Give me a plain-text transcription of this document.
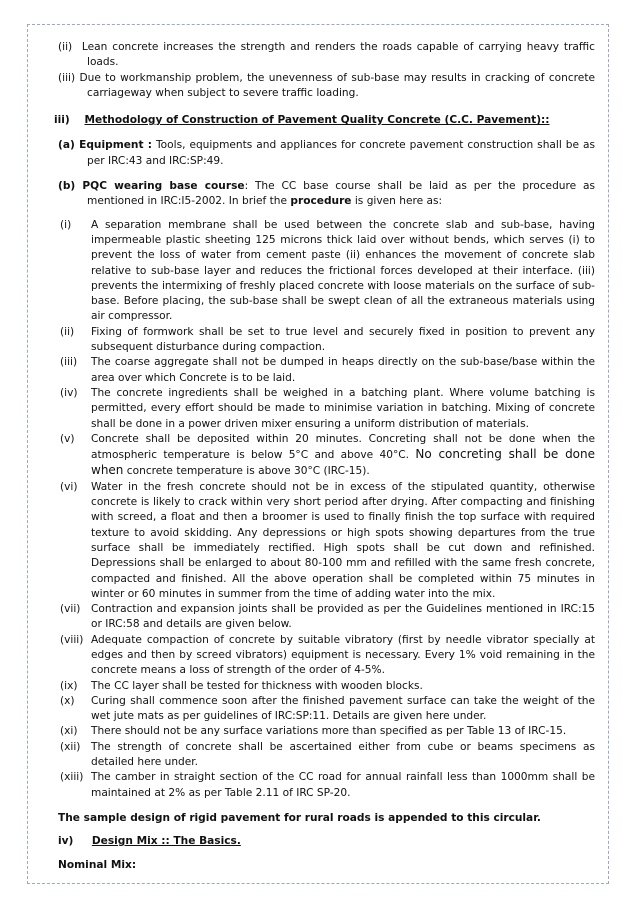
(ii) Lean concrete increases the strength and renders the roads capable of carrying heavy traffic loads.
(iii) Due to workmanship problem, the unevenness of sub-base may results in cracking of concrete carriageway when subject to severe traffic loading.
iii) Methodology of Construction of Pavement Quality Concrete (C.C. Pavement)::
(a) Equipment : Tools, equipments and appliances for concrete pavement construction shall be as per IRC:43 and IRC:SP:49.
(b) PQC wearing base course: The CC base course shall be laid as per the procedure as mentioned in IRC:I5-2002. In brief the procedure is given here as:
(i)	A separation membrane shall be used between the concrete slab and sub-base, having impermeable plastic sheeting 125 microns thick laid over without bends, which serves (i) to prevent the loss of water from cement paste (ii) enhances the movement of concrete slab relative to sub-base layer and reduces the frictional forces developed at their interface. (iii) prevents the intermixing of freshly placed concrete with loose materials on the surface of sub-base. Before placing, the sub-base shall be swept clean of all the extraneous materials using air compressor.
(ii)	Fixing of formwork shall be set to true level and securely fixed in position to prevent any subsequent disturbance during compaction.
(iii)	The coarse aggregate shall not be dumped in heaps directly on the sub-base/base within the area over which Concrete is to be laid.
(iv)	The concrete ingredients shall be weighed in a batching plant. Where volume batching is permitted, every effort should be made to minimise variation in batching. Mixing of concrete shall be done in a power driven mixer ensuring a uniform distribution of materials.
(v)	Concrete shall be deposited within 20 minutes. Concreting shall not be done when the atmospheric temperature is below 5°C and above 40°C. No concreting shall be done when concrete temperature is above 30°C (IRC-15).
(vi)	Water in the fresh concrete should not be in excess of the stipulated quantity, otherwise concrete is likely to crack within very short period after drying. After compacting and finishing with screed, a float and then a broomer is used to finally finish the top surface with required texture to avoid skidding. Any depressions or high spots showing departures from the true surface shall be immediately rectified. High spots shall be cut down and refinished. Depressions shall be enlarged to about 80-100 mm and refilled with the same fresh concrete, compacted and finished. All the above operation shall be completed within 75 minutes in winter or 60 minutes in summer from the time of adding water into the mix.
(vii) Contraction and expansion joints shall be provided as per the Guidelines mentioned in IRC:15 or IRC:58 and details are given below.
(viii) Adequate compaction of concrete by suitable vibratory (first by needle vibrator specially at edges and then by screed vibrators) equipment is necessary. Every 1% void remaining in the concrete means a loss of strength of the order of 4-5%.
(ix)	The CC layer shall be tested for thickness with wooden blocks.
(x)	Curing shall commence soon after the finished pavement surface can take the weight of the wet jute mats as per guidelines of IRC:SP:11. Details are given here under.
(xi)	There should not be any surface variations more than specified as per Table 13 of IRC-15.
(xii) The strength of concrete shall be ascertained either from cube or beams specimens as detailed here under.
(xiii) The camber in straight section of the CC road for annual rainfall less than 1000mm shall be maintained at 2% as per Table 2.11 of IRC SP-20.
The sample design of rigid pavement for rural roads is appended to this circular.
iv) Design Mix :: The Basics.
Nominal Mix:
